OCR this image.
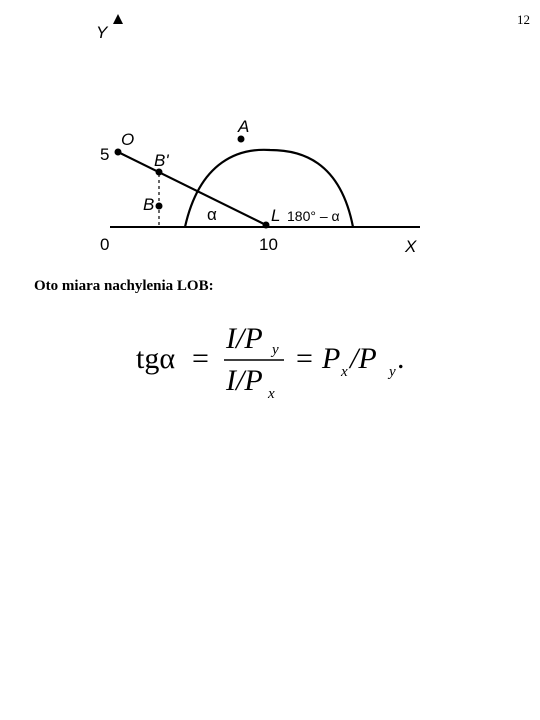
12
Y
X
0
5
10
O
A
B'
B
L
α	180° – α
Oto miara nachylenia LOB:
tgα =
I/P y
I/P x
= P x /P y .
